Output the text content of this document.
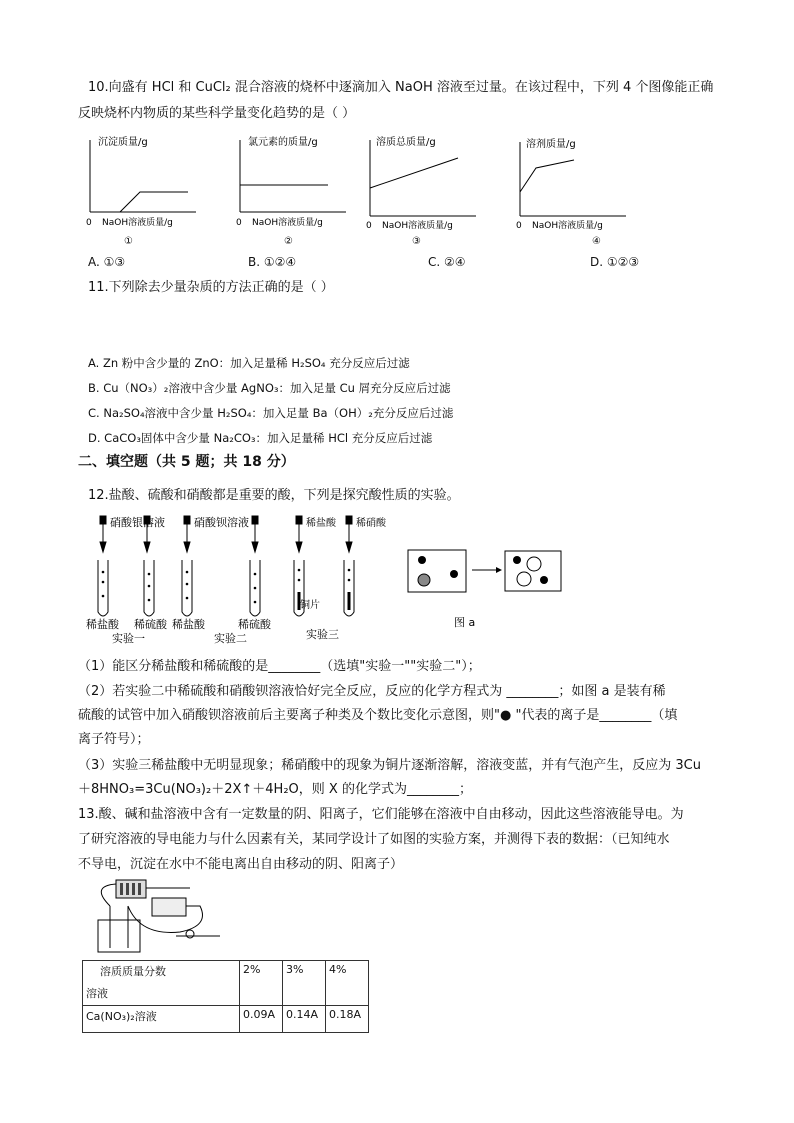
10.向盛有 HCl 和 CuCl₂ 混合溶液的烧杯中逐滴加入 NaOH 溶液至过量。在该过程中，下列 4 个图像能正确
反映烧杯内物质的某些科学量变化趋势的是（ ）
沉淀质量/g
0 NaOH溶液质量/g
①
氯元素的质量/g
0 NaOH溶液质量/g
②
溶质总质量/g
0 NaOH溶液质量/g
③
溶剂质量/g
0 NaOH溶液质量/g
④
A. ①③	B. ①②④	C. ②④	D. ①②③
11.下列除去少量杂质的方法正确的是（ ）
A. Zn 粉中含少量的 ZnO：加入足量稀 H₂SO₄ 充分反应后过滤
B. Cu（NO₃）₂溶液中含少量 AgNO₃：加入足量 Cu 屑充分反应后过滤
C. Na₂SO₄溶液中含少量 H₂SO₄：加入足量 Ba（OH）₂充分反应后过滤
D. CaCO₃固体中含少量 Na₂CO₃：加入足量稀 HCl 充分反应后过滤
二、填空题（共 5 题；共 18 分）
12.盐酸、硫酸和硝酸都是重要的酸，下列是探究酸性质的实验。
硝酸银溶液	硝酸钡溶液	稀盐酸 稀硝酸
铜片
稀盐酸 稀硫酸 稀盐酸	稀硫酸
实验一	实验二	实验三
图 a
（1）能区分稀盐酸和稀硫酸的是________（选填"实验一""实验二"）；
（2）若实验二中稀硫酸和硝酸钡溶液恰好完全反应，反应的化学方程式为 ________；如图 a 是装有稀
硫酸的试管中加入硝酸钡溶液前后主要离子种类及个数比变化示意图，则"● "代表的离子是________（填
离子符号）；
（3）实验三稀盐酸中无明显现象；稀硝酸中的现象为铜片逐渐溶解，溶液变蓝，并有气泡产生，反应为 3Cu
＋8HNO₃=3Cu(NO₃)₂＋2X↑＋4H₂O，则 X 的化学式为________；
13.酸、碱和盐溶液中含有一定数量的阴、阳离子，它们能够在溶液中自由移动，因此这些溶液能导电。为
了研究溶液的导电能力与什么因素有关，某同学设计了如图的实验方案，并测得下表的数据：（已知纯水
不导电，沉淀在水中不能电离出自由移动的阴、阳离子）
溶质质量分数
溶液	2%	3%	4%
Ca(NO₃)₂溶液	0.09A	0.14A	0.18A
